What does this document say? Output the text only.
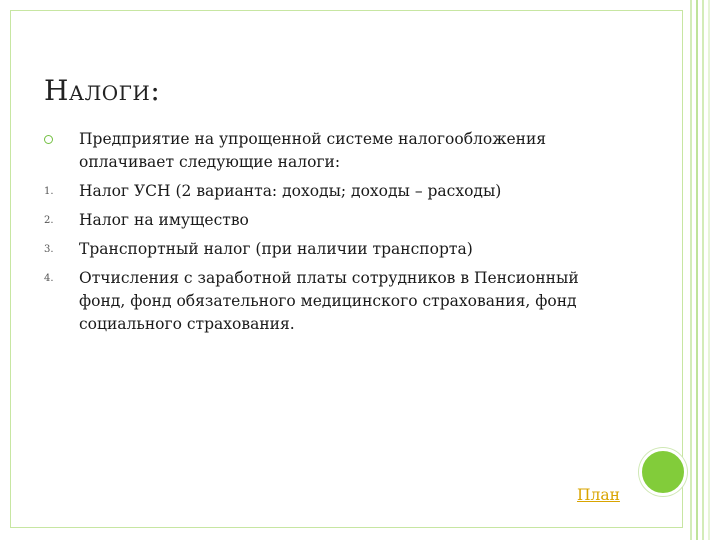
Налоги:
Предприятие на упрощенной системе налогообложения оплачивает следующие налоги:
1. Налог УСН (2 варианта: доходы; доходы – расходы)
2. Налог на имущество
3. Транспортный налог (при наличии транспорта)
4. Отчисления с заработной платы сотрудников в Пенсионный фонд, фонд обязательного медицинского страхования, фонд социального страхования.
План
